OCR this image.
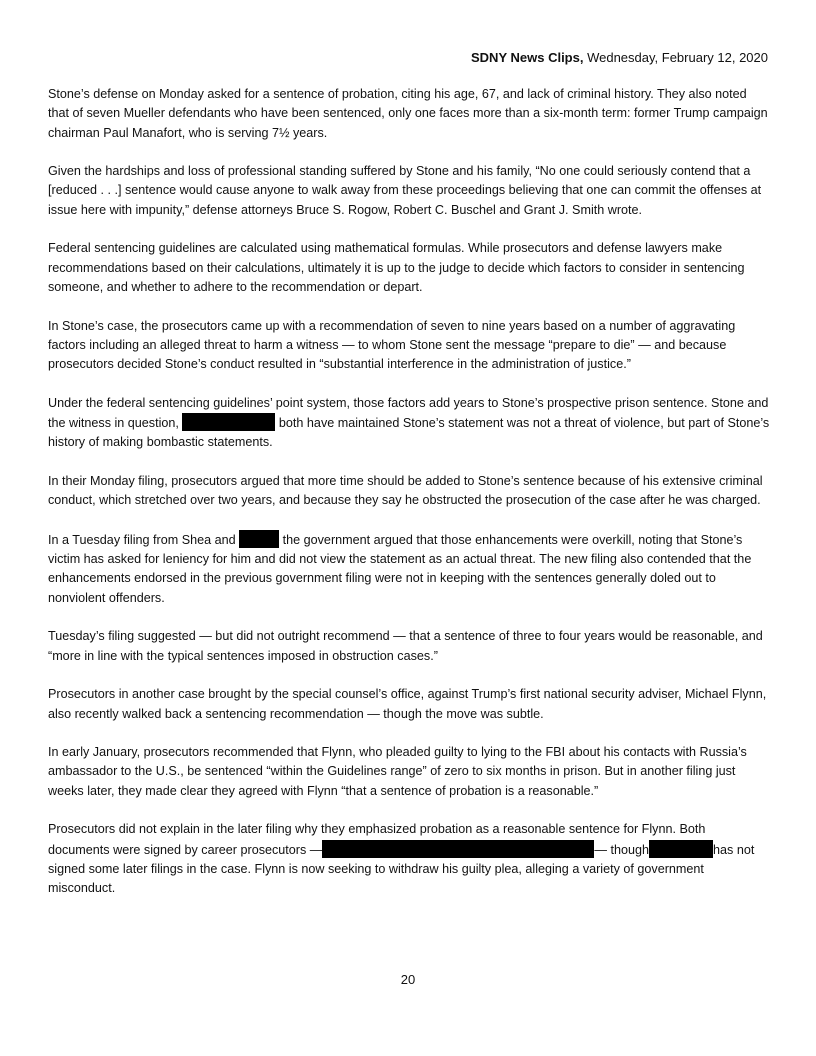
SDNY News Clips, Wednesday, February 12, 2020

Stone’s defense on Monday asked for a sentence of probation, citing his age, 67, and lack of criminal history. They also noted that of seven Mueller defendants who have been sentenced, only one faces more than a six-month term: former Trump campaign chairman Paul Manafort, who is serving 7½ years.

Given the hardships and loss of professional standing suffered by Stone and his family, “No one could seriously contend that a [reduced . . .] sentence would cause anyone to walk away from these proceedings believing that one can commit the offenses at issue here with impunity,” defense attorneys Bruce S. Rogow, Robert C. Buschel and Grant J. Smith wrote.

Federal sentencing guidelines are calculated using mathematical formulas. While prosecutors and defense lawyers make recommendations based on their calculations, ultimately it is up to the judge to decide which factors to consider in sentencing someone, and whether to adhere to the recommendation or depart.

In Stone’s case, the prosecutors came up with a recommendation of seven to nine years based on a number of aggravating factors including an alleged threat to harm a witness — to whom Stone sent the message “prepare to die” — and because prosecutors decided Stone’s conduct resulted in “substantial interference in the administration of justice.”

Under the federal sentencing guidelines’ point system, those factors add years to Stone’s prospective prison sentence. Stone and the witness in question,	both have maintained Stone’s statement was not a threat of violence, but part of Stone’s history of making bombastic statements.

In their Monday filing, prosecutors argued that more time should be added to Stone’s sentence because of his extensive criminal conduct, which stretched over two years, and because they say he obstructed the prosecution of the case after he was charged.

In a Tuesday filing from Shea and	the government argued that those enhancements were overkill, noting that Stone’s victim has asked for leniency for him and did not view the statement as an actual threat. The new filing also contended that the enhancements endorsed in the previous government filing were not in keeping with the sentences generally doled out to nonviolent offenders.

Tuesday’s filing suggested — but did not outright recommend — that a sentence of three to four years would be reasonable, and “more in line with the typical sentences imposed in obstruction cases.”

Prosecutors in another case brought by the special counsel’s office, against Trump’s first national security adviser, Michael Flynn, also recently walked back a sentencing recommendation — though the move was subtle.

In early January, prosecutors recommended that Flynn, who pleaded guilty to lying to the FBI about his contacts with Russia’s ambassador to the U.S., be sentenced “within the Guidelines range” of zero to six months in prison. But in another filing just weeks later, they made clear they agreed with Flynn “that a sentence of probation is a reasonable.”

Prosecutors did not explain in the later filing why they emphasized probation as a reasonable sentence for Flynn. Both documents were signed by career prosecutors —	— though	has not signed some later filings in the case. Flynn is now seeking to withdraw his guilty plea, alleging a variety of government misconduct.

20
